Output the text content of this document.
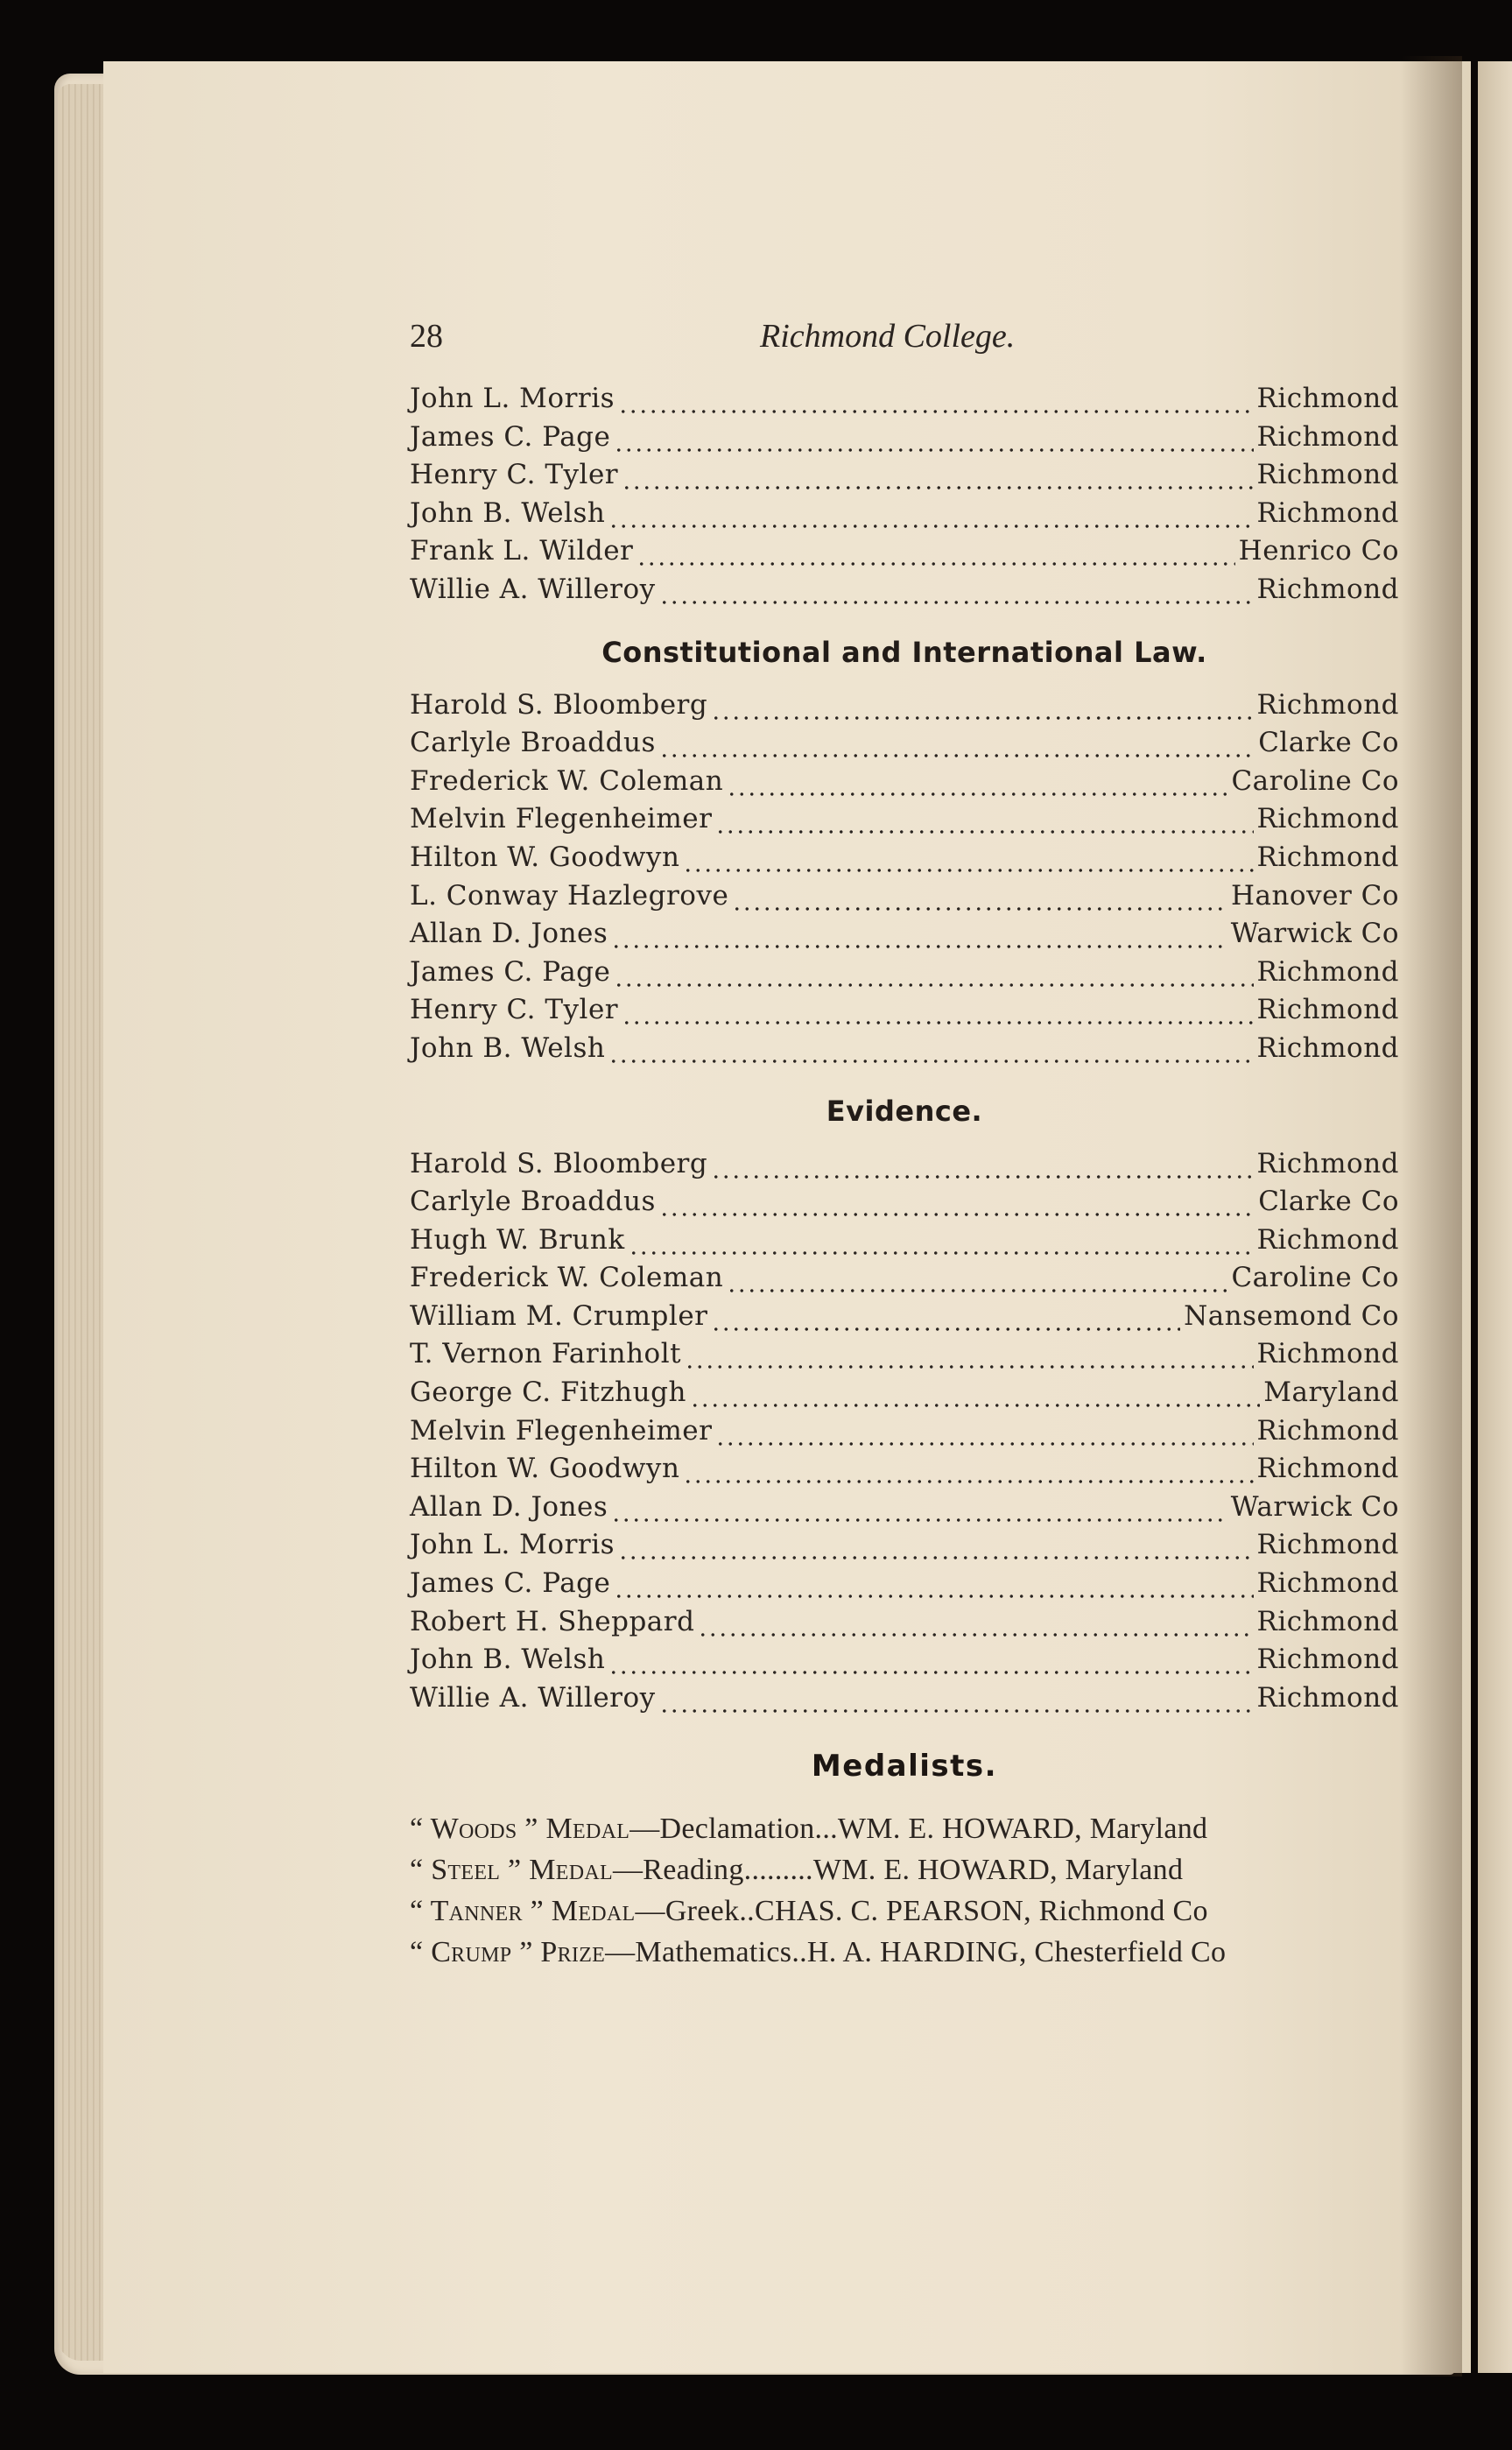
28	Richmond College.
John L. Morris	Richmond
James C. Page	Richmond
Henry C. Tyler	Richmond
John B. Welsh	Richmond
Frank L. Wilder	Henrico Co
Willie A. Willeroy	Richmond
Constitutional and International Law.
Harold S. Bloomberg	Richmond
Carlyle Broaddus	Clarke Co
Frederick W. Coleman	Caroline Co
Melvin Flegenheimer	Richmond
Hilton W. Goodwyn	Richmond
L. Conway Hazlegrove	Hanover Co
Allan D. Jones	Warwick Co
James C. Page	Richmond
Henry C. Tyler	Richmond
John B. Welsh	Richmond
Evidence.
Harold S. Bloomberg	Richmond
Carlyle Broaddus	Clarke Co
Hugh W. Brunk	Richmond
Frederick W. Coleman	Caroline Co
William M. Crumpler	Nansemond Co
T. Vernon Farinholt	Richmond
George C. Fitzhugh	Maryland
Melvin Flegenheimer	Richmond
Hilton W. Goodwyn	Richmond
Allan D. Jones	Warwick Co
John L. Morris	Richmond
James C. Page	Richmond
Robert H. Sheppard	Richmond
John B. Welsh	Richmond
Willie A. Willeroy	Richmond
Medalists.
“ Woods ” Medal—Declamation...WM. E. HOWARD, Maryland
“ Steel ” Medal—Reading.........WM. E. HOWARD, Maryland
“ Tanner ” Medal—Greek..CHAS. C. PEARSON, Richmond Co
“ Crump ” Prize—Mathematics..H. A. HARDING, Chesterfield Co
